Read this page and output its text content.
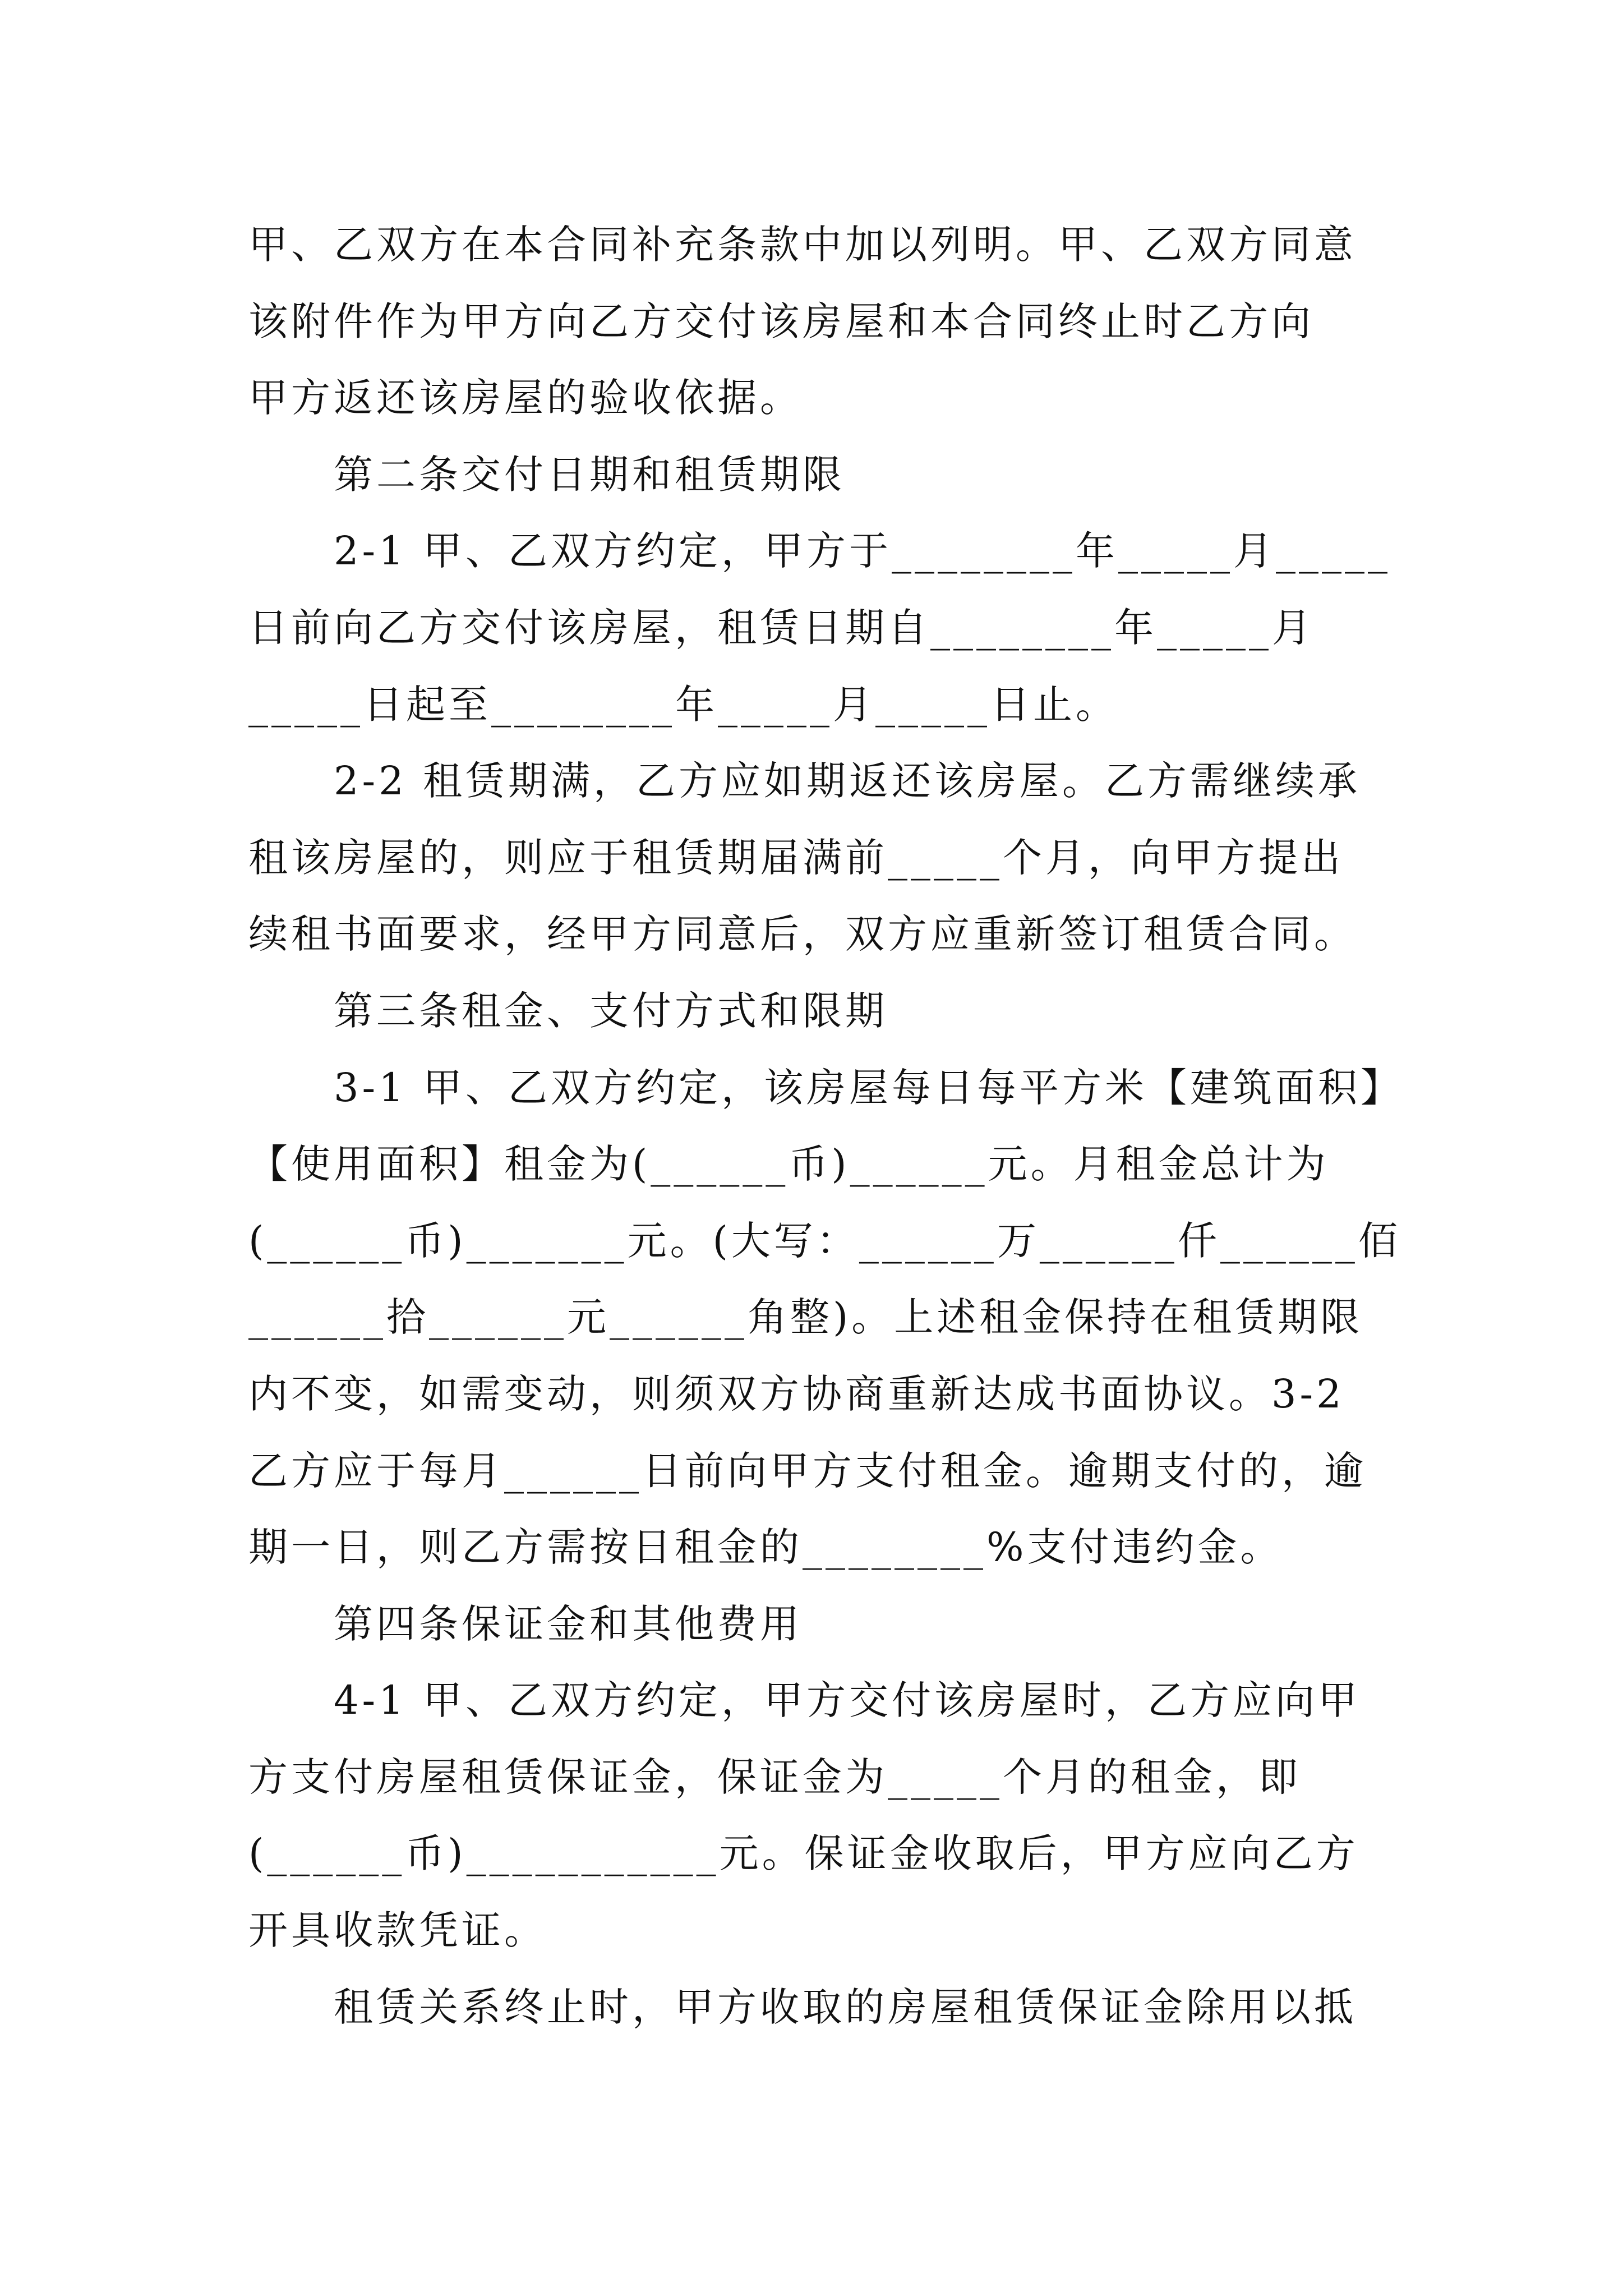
甲、乙双方在本合同补充条款中加以列明。甲、乙双方同意
该附件作为甲方向乙方交付该房屋和本合同终止时乙方向
甲方返还该房屋的验收依据。
　　第二条交付日期和租赁期限
　　2-1 甲、乙双方约定，甲方于________年_____月_____
日前向乙方交付该房屋，租赁日期自________年_____月
_____日起至________年_____月_____日止。
　　2-2 租赁期满，乙方应如期返还该房屋。乙方需继续承
租该房屋的，则应于租赁期届满前_____个月，向甲方提出
续租书面要求，经甲方同意后，双方应重新签订租赁合同。
　　第三条租金、支付方式和限期
　　3-1 甲、乙双方约定，该房屋每日每平方米【建筑面积】
【使用面积】租金为(______币)______元。月租金总计为
(______币)_______元。(大写：______万______仟______佰
______拾______元______角整)。上述租金保持在租赁期限
内不变，如需变动，则须双方协商重新达成书面协议。3-2
乙方应于每月______日前向甲方支付租金。逾期支付的，逾
期一日，则乙方需按日租金的________%支付违约金。
　　第四条保证金和其他费用
　　4-1 甲、乙双方约定，甲方交付该房屋时，乙方应向甲
方支付房屋租赁保证金，保证金为_____个月的租金，即
(______币)___________元。保证金收取后，甲方应向乙方
开具收款凭证。
　　租赁关系终止时，甲方收取的房屋租赁保证金除用以抵
